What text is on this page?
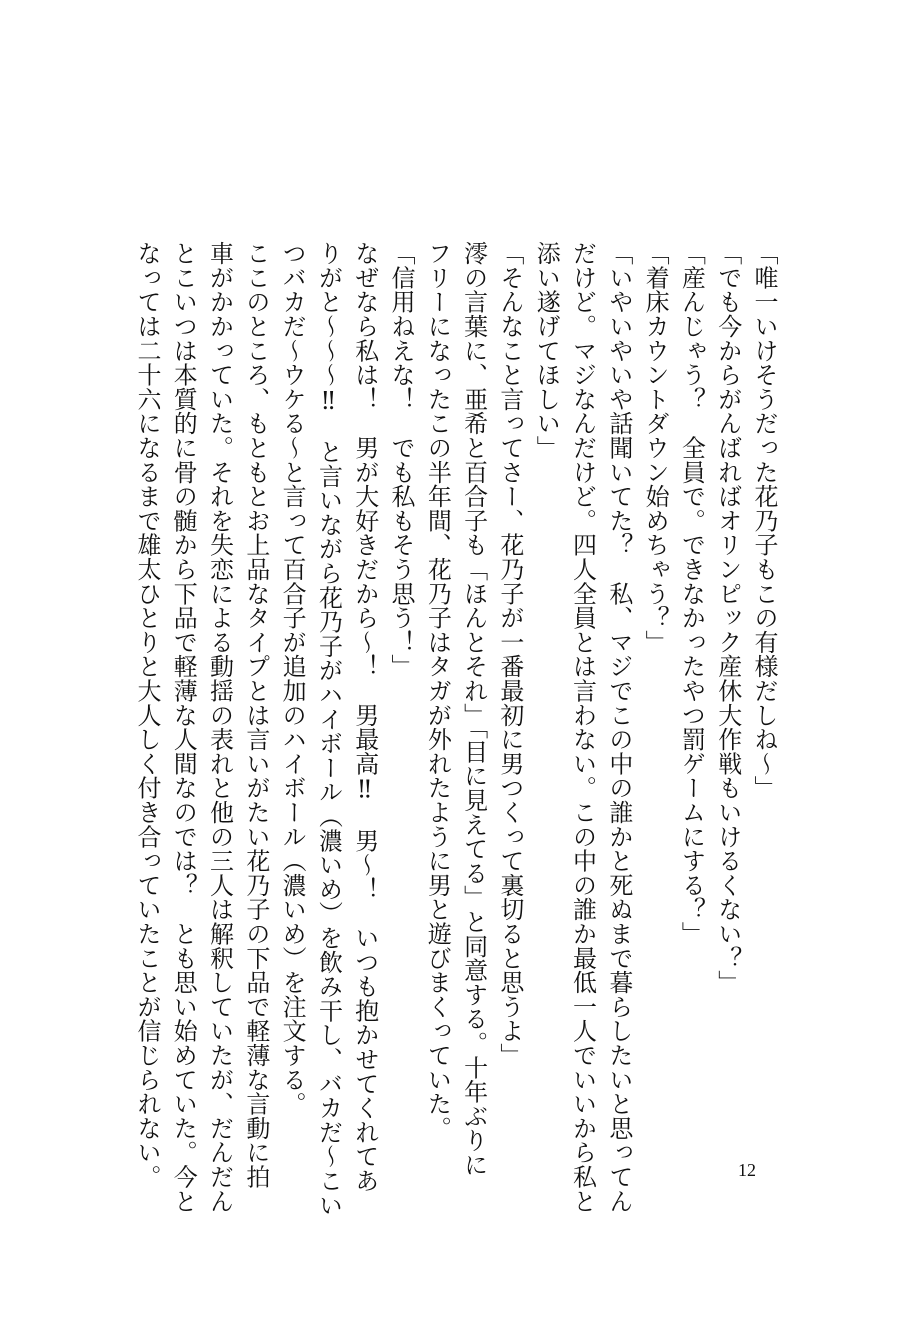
「唯一いけそうだった花乃子もこの有様だしね〜」
「でも今からがんばればオリンピック産休大作戦もいけるくない？」
「産んじゃう？　全員で。できなかったやつ罰ゲームにする？」
「着床カウントダウン始めちゃう？」
「いやいやいや話聞いてた？　私、マジでこの中の誰かと死ぬまで暮らしたいと思ってん
だけど。マジなんだけど。四人全員とは言わない。この中の誰か最低一人でいいから私と
添い遂げてほしい」
「そんなこと言ってさー、花乃子が一番最初に男つくって裏切ると思うよ」
澪の言葉に、亜希と百合子も「ほんとそれ」「目に見えてる」と同意する。十年ぶりに
フリーになったこの半年間、花乃子はタガが外れたように男と遊びまくっていた。
「信用ねえな！　でも私もそう思う！」
なぜなら私は！　男が大好きだから〜！　男最高‼　男〜！　いつも抱かせてくれてあ
りがと〜〜〜‼　と言いながら花乃子がハイボール（濃いめ）を飲み干し、バカだ〜こい
つバカだ〜ウケる〜と言って百合子が追加のハイボール（濃いめ）を注文する。
ここのところ、もともとお上品なタイプとは言いがたい花乃子の下品で軽薄な言動に拍
車がかかっていた。それを失恋による動揺の表れと他の三人は解釈していたが、だんだん
とこいつは本質的に骨の髄から下品で軽薄な人間なのでは？　とも思い始めていた。今と
なっては二十六になるまで雄太ひとりと大人しく付き合っていたことが信じられない。	12
